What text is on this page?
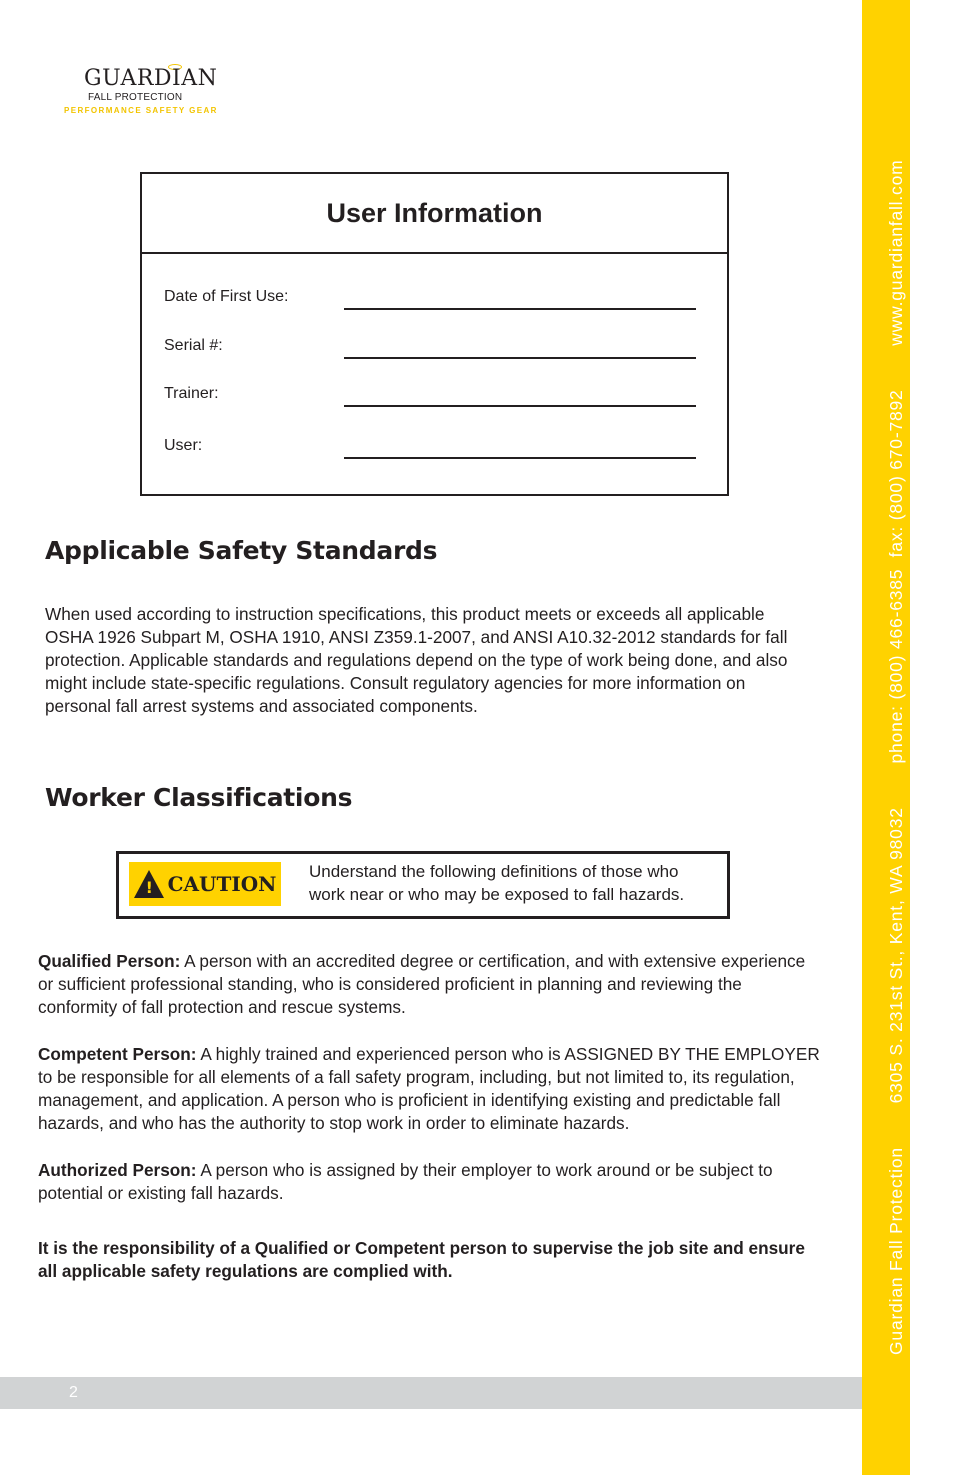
GUARDIAN
FALL PROTECTION
PERFORMANCE SAFETY GEAR
User Information
Date of First Use:
Serial #:
Trainer:
User:
Applicable Safety Standards

When used according to instruction specifications, this product meets or exceeds all applicable OSHA 1926 Subpart M, OSHA 1910, ANSI Z359.1-2007, and ANSI A10.32-2012 standards for fall protection. Applicable standards and regulations depend on the type of work being done, and also might include state-specific regulations. Consult regulatory agencies for more information on personal fall arrest systems and associated components.

Worker Classifications
! CAUTION
Understand the following definitions of those who work near or who may be exposed to fall hazards.

Qualified Person: A person with an accredited degree or certification, and with extensive experience or sufficient professional standing, who is considered proficient in planning and reviewing the conformity of fall protection and rescue systems.

Competent Person: A highly trained and experienced person who is ASSIGNED BY THE EMPLOYER to be responsible for all elements of a fall safety program, including, but not limited to, its regulation, management, and application. A person who is proficient in identifying existing and predictable fall hazards, and who has the authority to stop work in order to eliminate hazards.

Authorized Person: A person who is assigned by their employer to work around or be subject to potential or existing fall hazards.

It is the responsibility of a Qualified or Competent person to supervise the job site and ensure all applicable safety regulations are complied with.	Guardian Fall Protection 6305 S. 231st St., Kent, WA 98032 phone: (800) 466-6385  fax: (800) 670-7892 www.guardianfall.com
2
